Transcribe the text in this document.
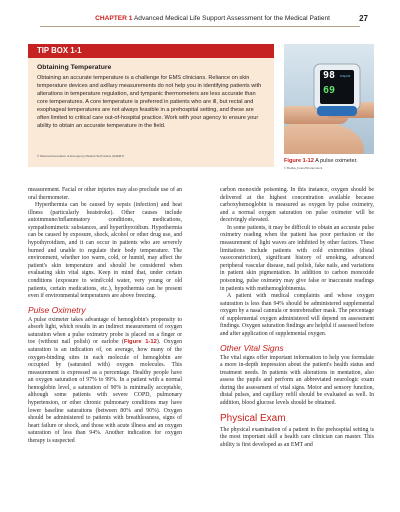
CHAPTER 1 Advanced Medical Life Support Assessment for the Medical Patient	27
TIP BOX 1-1
Obtaining Temperature
Obtaining an accurate temperature is a challenge for EMS clinicians. Reliance on skin temperature devices and axillary measurements do not help you in identifying patients with alterations in temperature regulation, and tympanic thermometers are less accurate than core temperatures. A core temperature is preferred in patients who are ill, but rectal and esophageal temperatures are not always feasible in a prehospital setting, and these are often limited to critical care out-of-hospital practice. Work with your agency to ensure your ability to obtain an accurate temperature in the field.
© National Association of Emergency Medical Technicians (NAEMT)
98 %SpO2
69
Figure 1-12 A pulse oximeter.
© Budka_Fotos/Shutterstock

measurement. Facial or other injuries may also preclude use of an oral thermometer.

Hyperthermia can be caused by sepsis (infection) and heat illness (particularly heatstroke). Other causes include autoimmune/inflammatory conditions, medications, sympathomimetic substances, and hyperthyroidism. Hypothermia can be caused by exposure, shock, alcohol or other drug use, and hypothyroidism, and it can occur in patients who are severely burned and unable to regulate their body temperature. The environment, whether too warm, cold, or humid, may affect the patient's skin temperature and should be considered when evaluating skin vital signs. Keep in mind that, under certain conditions (exposure to wind/cold water, very young or old patients, certain medications, etc.), hypothermia can be present even if environmental temperatures are above freezing.

Pulse Oximetry

A pulse oximeter takes advantage of hemoglobin's propensity to absorb light, which results in an indirect measurement of oxygen saturation when a pulse oximetry probe is placed on a finger or toe (without nail polish) or earlobe (Figure 1-12). Oxygen saturation is an indication of, on average, how many of the oxygen-binding sites in each molecule of hemoglobin are occupied by (saturated with) oxygen molecules. This measurement is expressed as a percentage. Healthy people have an oxygen saturation of 97% to 99%. In a patient with a normal hemoglobin level, a saturation of 90% is minimally acceptable, although some patients with severe COPD, pulmonary hypertension, or other chronic pulmonary conditions may have lower baseline saturations (between 80% and 90%). Oxygen should be administered to patients with breathlessness, signs of heart failure or shock, and those with acute illness and an oxygen saturation of less than 94%. Another indication for oxygen therapy is suspected

carbon monoxide poisoning. In this instance, oxygen should be delivered at the highest concentration available because carboxyhemoglobin is measured as oxygen by pulse oximetry, and a normal oxygen saturation on pulse oximeter will be deceivingly elevated.

In some patients, it may be difficult to obtain an accurate pulse oximetry reading when the patient has poor perfusion or the measurement of light waves are inhibited by other factors. These limitations include patients with cold extremities (distal vasoconstriction), significant history of smoking, advanced peripheral vascular disease, nail polish, fake nails, and variations in patient skin pigmentation. In addition to carbon monoxide poisoning, pulse oximetry may give false or inaccurate readings in patients with methemoglobinemia.

A patient with medical complaints and whose oxygen saturation is less than 94% should be administered supplemental oxygen by a nasal cannula or nonrebreather mask. The percentage of supplemental oxygen administered will depend on assessment findings. Oxygen saturation findings are helpful if assessed before and after application of supplemental oxygen.

Other Vital Signs

The vital signs offer important information to help you formulate a more in-depth impression about the patient's health status and treatment needs. In patients with alterations in mentation, also assess the pupils and perform an abbreviated neurologic exam during the assessment of vital signs. Motor and sensory function, distal pulses, and capillary refill should be evaluated as well. In addition, blood glucose levels should be obtained.

Physical Exam

The physical examination of a patient in the prehospital setting is the most important skill a health care clinician can master. This ability is first developed as an EMT and
